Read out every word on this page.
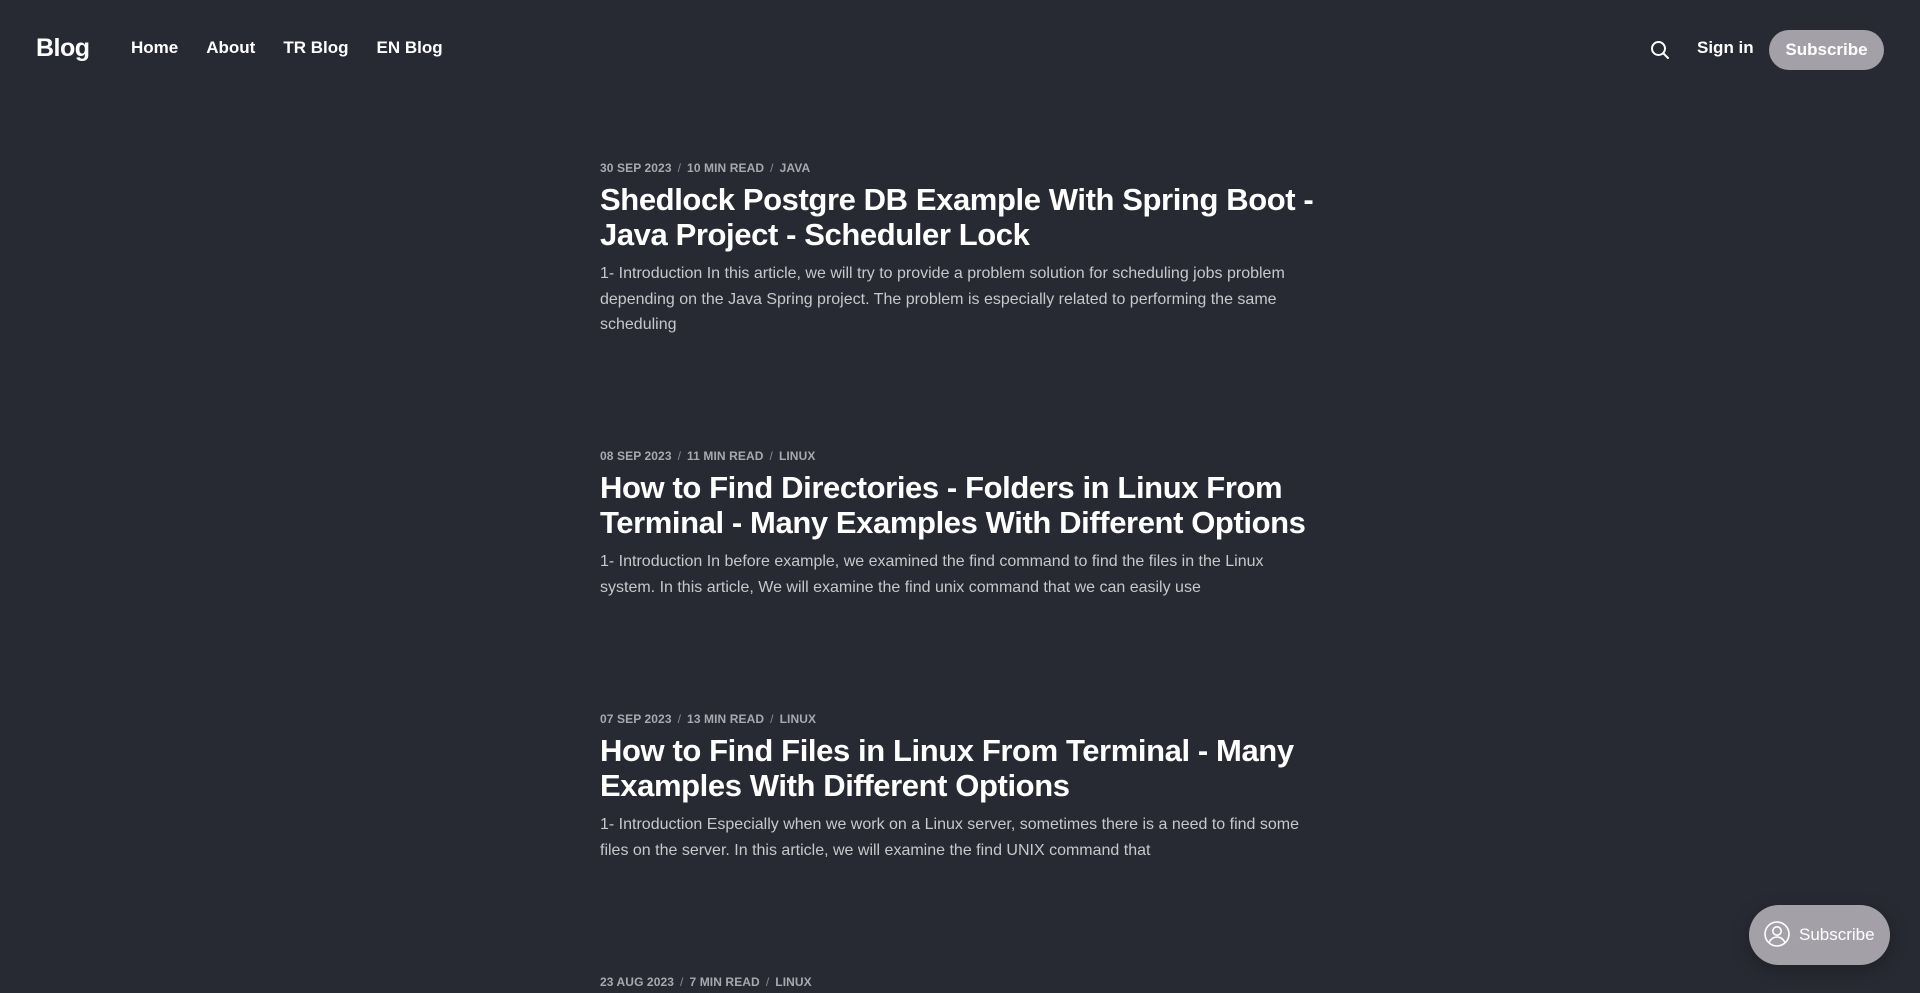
Blog Home About TR Blog EN Blog	Sign in	Subscribe
30 SEP 2023 / 10 MIN READ / JAVA
Shedlock Postgre DB Example With Spring Boot - Java Project - Scheduler Lock

1- Introduction In this article, we will try to provide a problem solution for scheduling jobs problem depending on the Java Spring project. The problem is especially related to performing the same scheduling

08 SEP 2023 / 11 MIN READ / LINUX
How to Find Directories - Folders in Linux From Terminal - Many Examples With Different Options

1- Introduction In before example, we examined the find command to find the files in the Linux system. In this article, We will examine the find unix command that we can easily use

07 SEP 2023 / 13 MIN READ / LINUX
How to Find Files in Linux From Terminal - Many Examples With Different Options

1- Introduction Especially when we work on a Linux server, sometimes there is a need to find some files on the server. In this article, we will examine the find UNIX command that

23 AUG 2023 / 7 MIN READ / LINUX
Subscribe
